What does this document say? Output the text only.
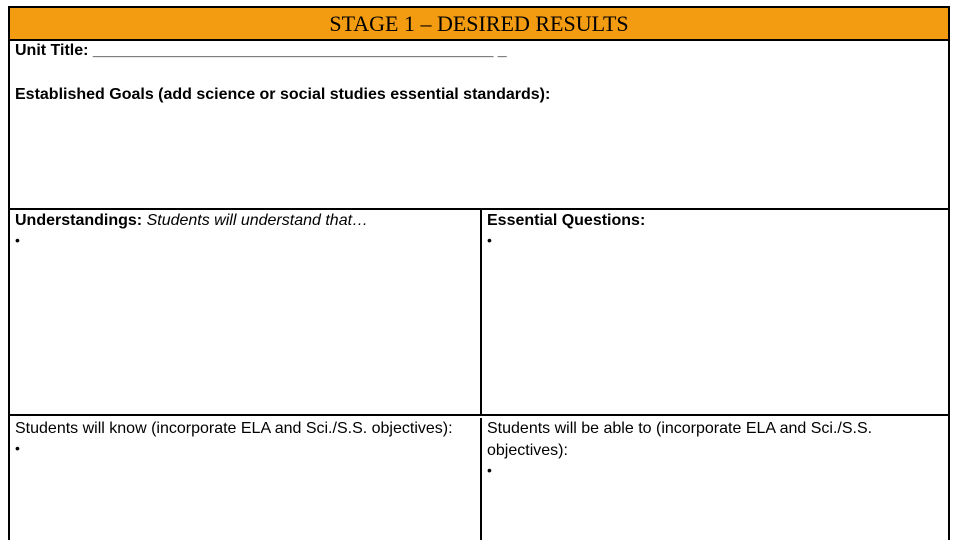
STAGE 1 – DESIRED RESULTS
Unit Title: _____________________________________________ _
Established Goals (add science or social studies essential standards):
Understandings: Students will understand that…
•
Essential Questions:
•
Students will know (incorporate ELA and Sci./S.S. objectives):
•
Students will be able to (incorporate ELA and Sci./S.S. objectives):
•
